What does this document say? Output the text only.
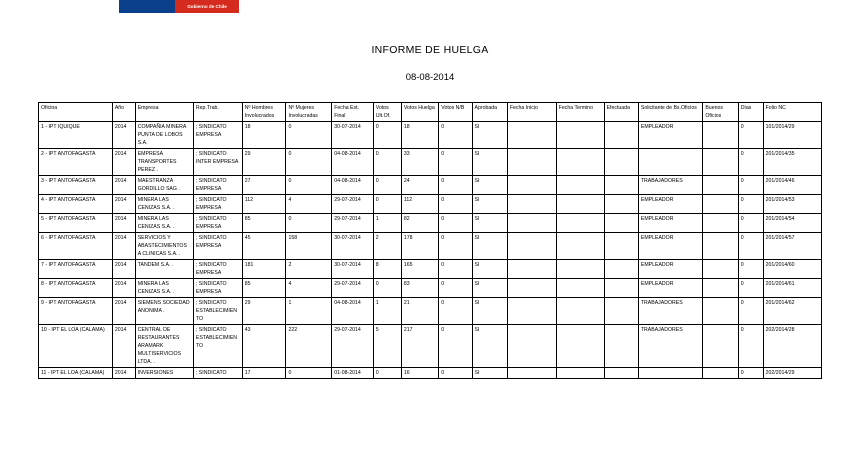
Gobierno de Chile
INFORME DE HUELGA
08-08-2014
Oficina	Año	Empresa	Rep.Trab.	Nº Hombres Involucrados	Nº Mujeres Involucradas	Fecha Est. Final	Votos Ult.Of.	Votos Huelga	Votos N/B	Aprobada	Fecha Inicio	Fecha Termino	Efectuada	Solicitante de Bs.Oficios	Buenos Oficios	Días	Folio NC
1 - IPT IQUIQUE	2014	COMPAÑIA MINERA PUNTA DE LOBOS S.A.	; SINDICATO EMPRESA	18	0	30-07-2014	0	18	0	SI				EMPLEADOR		0	101/2014/29
2 - IPT ANTOFAGASTA	2014	EMPRESA TRANSPORTES PEREZ .	; SINDICATO INTER EMPRESA	29	0	04-08-2014	0	33	0	SI						0	201/2014/35
3 - IPT ANTOFAGASTA	2014	MAESTRANZA GORDILLO SAG .	; SINDICATO EMPRESA	27	0	04-08-2014	0	24	0	SI				TRABAJADORES		0	201/2014/46
4 - IPT ANTOFAGASTA	2014	MINERA LAS CENIZAS S.A. .	; SINDICATO EMPRESA	112	4	29-07-2014	0	112	0	SI				EMPLEADOR		0	201/2014/53
5 - IPT ANTOFAGASTA	2014	MINERA LAS CENIZAS S.A. .	; SINDICATO EMPRESA	85	0	29-07-2014	1	82	0	SI				EMPLEADOR		0	201/2014/54
6 - IPT ANTOFAGASTA	2014	SERVICIOS Y ABASTECIMIENTOS A CLINICAS S.A. .	; SINDICATO EMPRESA	45	158	30-07-2014	2	178	0	SI				EMPLEADOR		0	201/2014/57
7 - IPT ANTOFAGASTA	2014	TANDEM S.A. .	; SINDICATO EMPRESA	181	2	30-07-2014	8	165	0	SI				EMPLEADOR		0	201/2014/60
8 - IPT ANTOFAGASTA	2014	MINERA LAS CENIZAS S.A. .	; SINDICATO EMPRESA	85	4	29-07-2014	0	83	0	SI				EMPLEADOR		0	201/2014/61
9 - IPT ANTOFAGASTA	2014	SIEMENS SOCIEDAD ANONIMA .	; SINDICATO ESTABLECIMIENTO	29	1	04-08-2014	1	21	0	SI				TRABAJADORES		0	201/2014/62
10 - IPT EL LOA (CALAMA)	2014	CENTRAL DE RESTAURANTES ARAMARK MULTISERVICIOS LTDA. .	; SINDICATO ESTABLECIMIENTO	43	222	29-07-2014	5	217	0	SI				TRABAJADORES		0	202/2014/28
11 - IPT EL LOA (CALAMA)	2014	INVERSIONES	; SINDICATO	17	0	01-08-2014	0	16	0	SI						0	202/2014/29
